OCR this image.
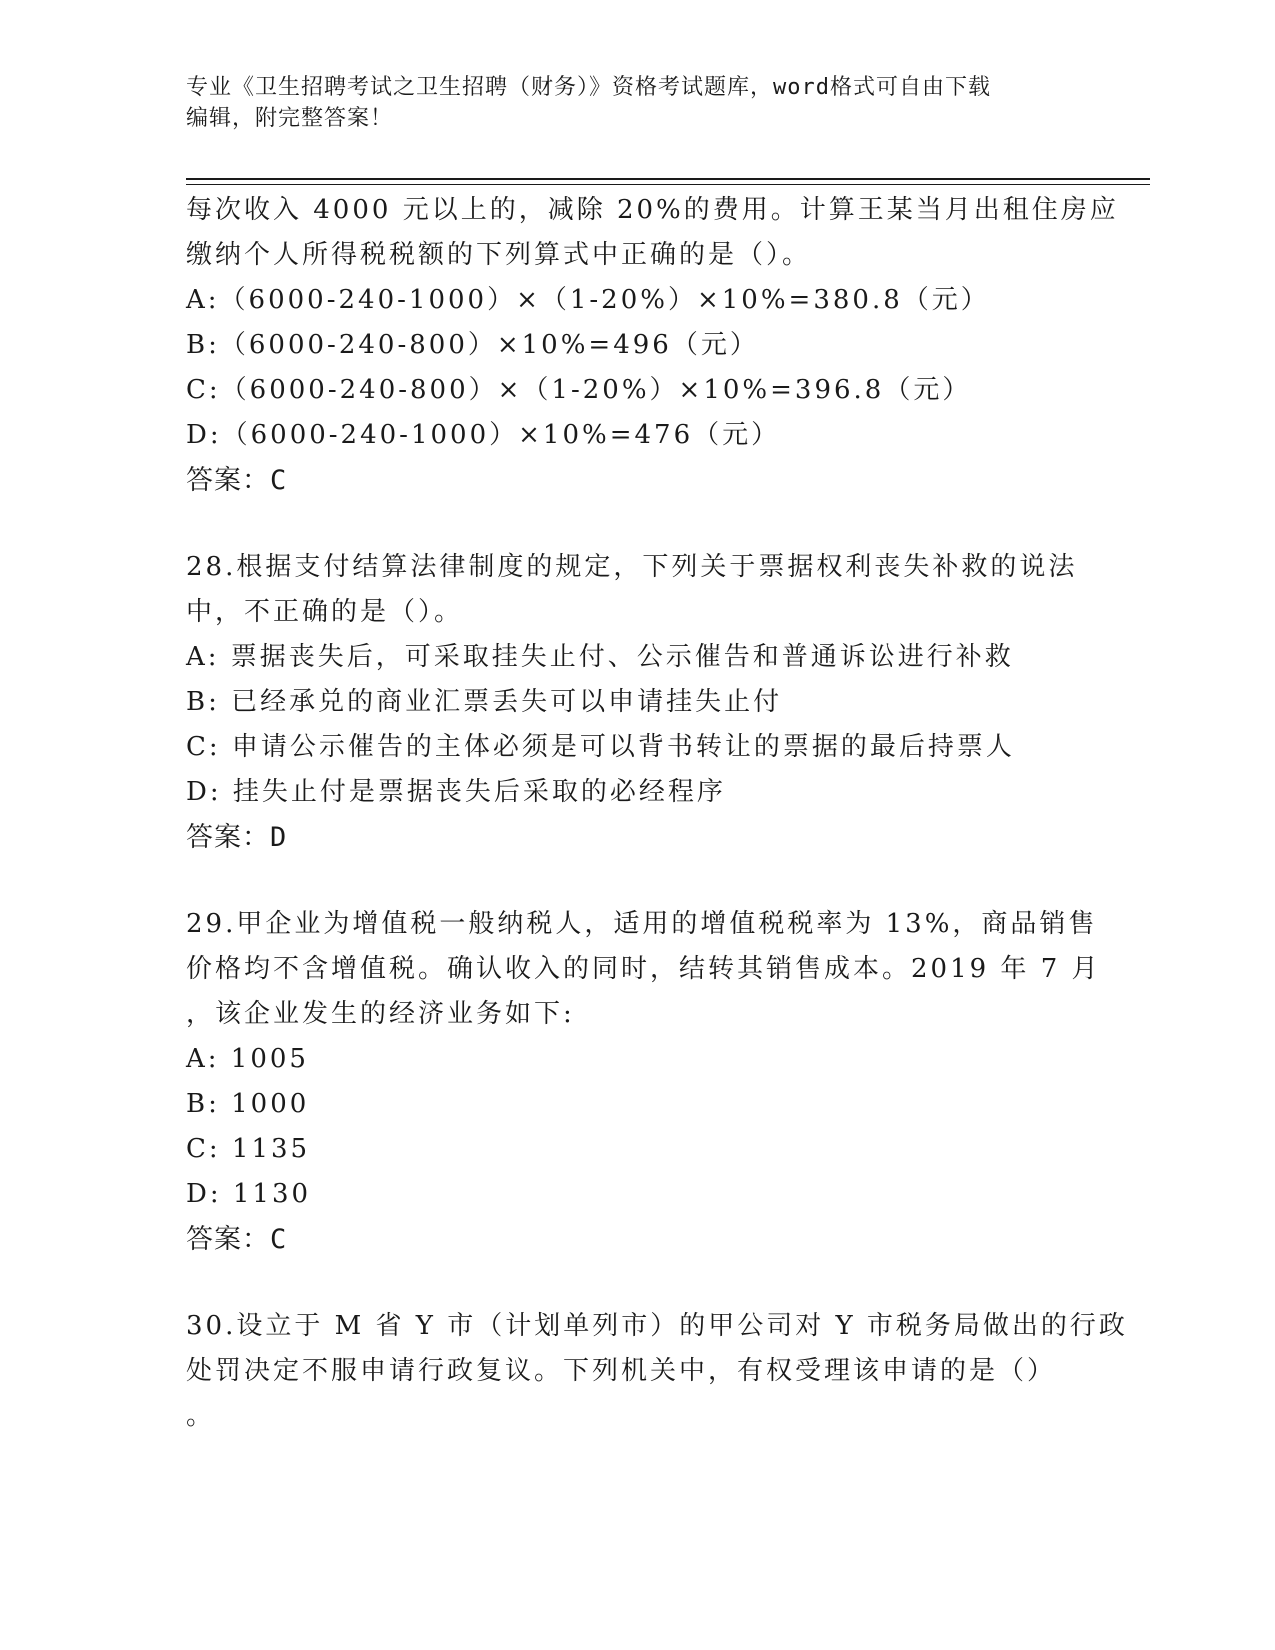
专业《卫生招聘考试之卫生招聘（财务）》资格考试题库，word格式可自由下载
编辑，附完整答案！
每次收入 4000 元以上的，减除 20%的费用。计算王某当月出租住房应
缴纳个人所得税税额的下列算式中正确的是（）。
A:（6000-240-1000）×（1-20%）×10%=380.8（元）
B:（6000-240-800）×10%=496（元）
C:（6000-240-800）×（1-20%）×10%=396.8（元）
D:（6000-240-1000）×10%=476（元）
答案：C
28.根据支付结算法律制度的规定，下列关于票据权利丧失补救的说法
中，不正确的是（）。
A: 票据丧失后，可采取挂失止付、公示催告和普通诉讼进行补救
B: 已经承兑的商业汇票丢失可以申请挂失止付
C: 申请公示催告的主体必须是可以背书转让的票据的最后持票人
D: 挂失止付是票据丧失后采取的必经程序
答案：D
29.甲企业为增值税一般纳税人，适用的增值税税率为 13%，商品销售
价格均不含增值税。确认收入的同时，结转其销售成本。2019 年 7 月
，该企业发生的经济业务如下:
A: 1005
B: 1000
C: 1135
D: 1130
答案：C
30.设立于 M 省 Y 市（计划单列市）的甲公司对 Y 市税务局做出的行政
处罚决定不服申请行政复议。下列机关中，有权受理该申请的是（）
。
